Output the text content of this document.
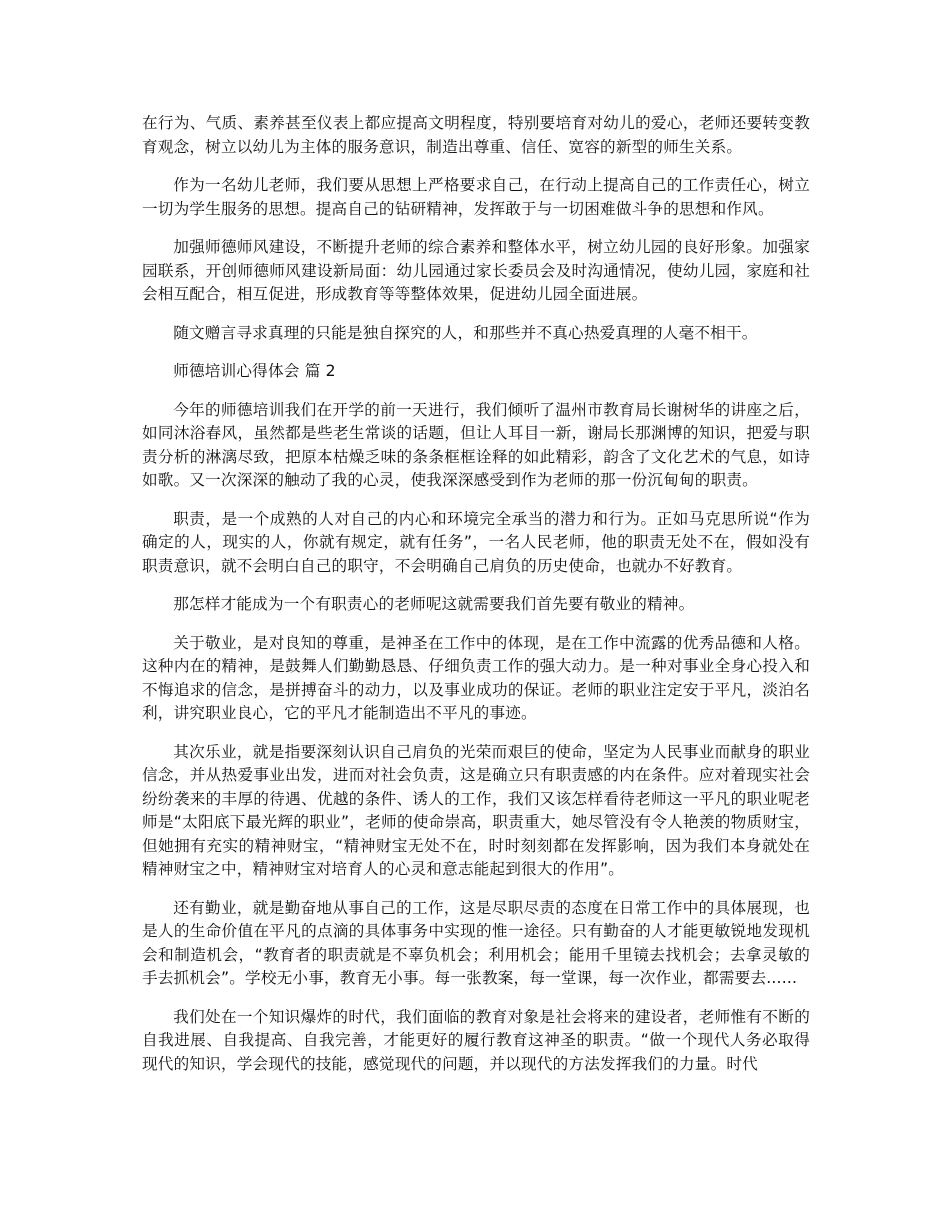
在行为、气质、素养甚至仪表上都应提高文明程度，特别要培育对幼儿的爱心，老师还要转变教育观念，树立以幼儿为主体的服务意识，制造出尊重、信任、宽容的新型的师生关系。

作为一名幼儿老师，我们要从思想上严格要求自己，在行动上提高自己的工作责任心，树立一切为学生服务的思想。提高自己的钻研精神，发挥敢于与一切困难做斗争的思想和作风。

加强师德师风建设，不断提升老师的综合素养和整体水平，树立幼儿园的良好形象。加强家园联系，开创师德师风建设新局面：幼儿园通过家长委员会及时沟通情况，使幼儿园，家庭和社会相互配合，相互促进，形成教育等等整体效果，促进幼儿园全面进展。

随文赠言寻求真理的只能是独自探究的人，和那些并不真心热爱真理的人毫不相干。

师德培训心得体会 篇 2

今年的师德培训我们在开学的前一天进行，我们倾听了温州市教育局长谢树华的讲座之后，如同沐浴春风，虽然都是些老生常谈的话题，但让人耳目一新，谢局长那渊博的知识，把爱与职责分析的淋漓尽致，把原本枯燥乏味的条条框框诠释的如此精彩，韵含了文化艺术的气息，如诗如歌。又一次深深的触动了我的心灵，使我深深感受到作为老师的那一份沉甸甸的职责。

职责，是一个成熟的人对自己的内心和环境完全承当的潜力和行为。正如马克思所说“作为确定的人，现实的人，你就有规定，就有任务”，一名人民老师，他的职责无处不在，假如没有职责意识，就不会明白自己的职守，不会明确自己肩负的历史使命，也就办不好教育。

那怎样才能成为一个有职责心的老师呢这就需要我们首先要有敬业的精神。

关于敬业，是对良知的尊重，是神圣在工作中的体现，是在工作中流露的优秀品德和人格。这种内在的精神，是鼓舞人们勤勤恳恳、仔细负责工作的强大动力。是一种对事业全身心投入和不悔追求的信念，是拼搏奋斗的动力，以及事业成功的保证。老师的职业注定安于平凡，淡泊名利，讲究职业良心，它的平凡才能制造出不平凡的事迹。

其次乐业，就是指要深刻认识自己肩负的光荣而艰巨的使命，坚定为人民事业而献身的职业信念，并从热爱事业出发，进而对社会负责，这是确立只有职责感的内在条件。应对着现实社会纷纷袭来的丰厚的待遇、优越的条件、诱人的工作，我们又该怎样看待老师这一平凡的职业呢老师是“太阳底下最光辉的职业”，老师的使命崇高，职责重大，她尽管没有令人艳羡的物质财宝，但她拥有充实的精神财宝，“精神财宝无处不在，时时刻刻都在发挥影响，因为我们本身就处在精神财宝之中，精神财宝对培育人的心灵和意志能起到很大的作用”。

还有勤业，就是勤奋地从事自己的工作，这是尽职尽责的态度在日常工作中的具体展现，也是人的生命价值在平凡的点滴的具体事务中实现的惟一途径。只有勤奋的人才能更敏锐地发现机会和制造机会，“教育者的职责就是不辜负机会；利用机会；能用千里镜去找机会；去拿灵敏的手去抓机会”。学校无小事，教育无小事。每一张教案，每一堂课，每一次作业，都需要去......

我们处在一个知识爆炸的时代，我们面临的教育对象是社会将来的建设者，老师惟有不断的自我进展、自我提高、自我完善，才能更好的履行教育这神圣的职责。“做一个现代人务必取得现代的知识，学会现代的技能，感觉现代的问题，并以现代的方法发挥我们的力量。时代
